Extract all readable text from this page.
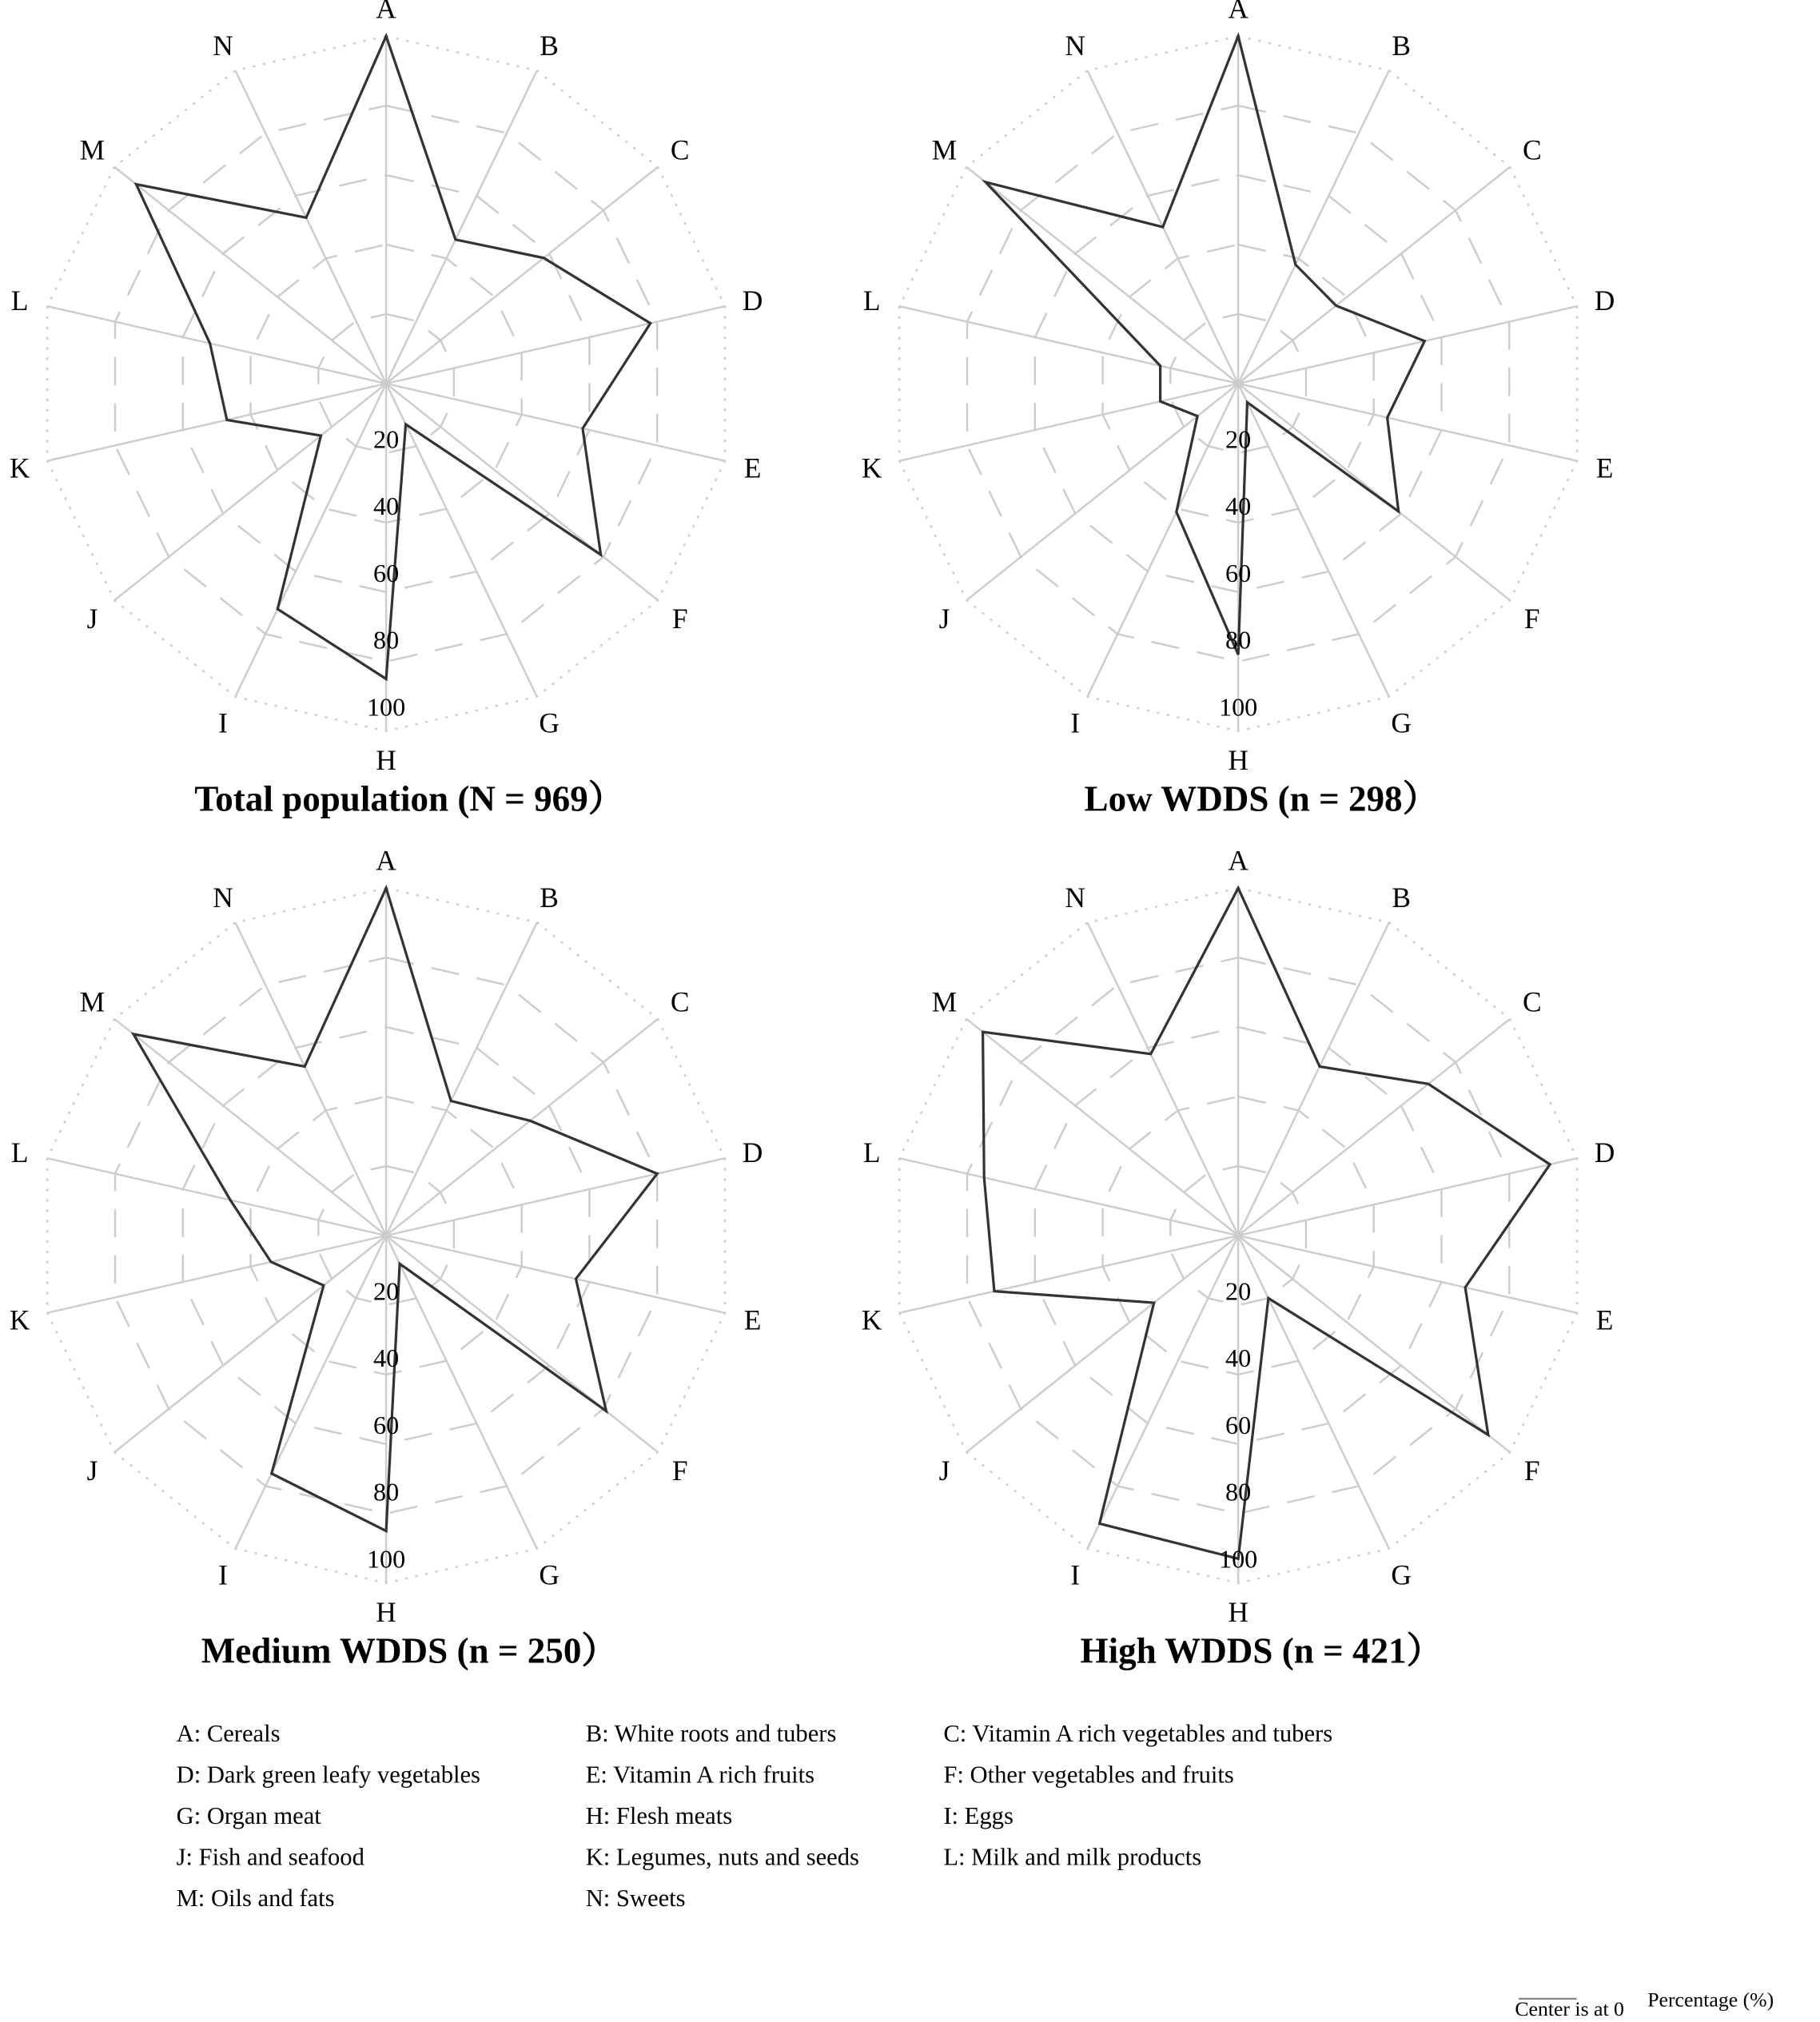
A
B
C
D
E
F
G
H
I
J
K
L
M
N
20
40
60
80
100
Total population (N = 969）
A
B
C
D
E
F
G
H
I
J
K
L
M
N
20
40
60
80
100
Low WDDS (n = 298）
A
B
C
D
E
F
G
H
I
J
K
L
M
N
20
40
60
80
100
Medium WDDS (n = 250）
A
B
C
D
E
F
G
H
I
J
K
L
M
N
20
40
60
80
100
High WDDS (n = 421）
A: Cereals	B: White roots and tubers	C: Vitamin A rich vegetables and tubers
D: Dark green leafy vegetables	E: Vitamin A rich fruits	F: Other vegetables and fruits
G: Organ meat	H: Flesh meats	I: Eggs
J: Fish and seafood	K: Legumes, nuts and seeds	L: Milk and milk products
M: Oils and fats	N: Sweets
Percentage (%)
Center is at 0
